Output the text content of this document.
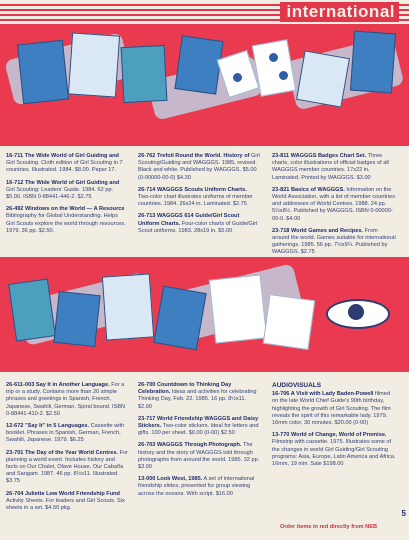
international
16-711 The Wide World of Girl Guiding and Girl Scouting. Cloth edition of Girl Scouting in 7 countries. Illustrated. 1984. $8.00. Paper 17.
16-712 The Wide World of Girl Guiding and Girl Scouting: Leaders' Guide. 1984. 62 pp. $5.00. ISBN 0-88441-446-2. $2.75
26-492 Windows on the World — A Resource Bibliography for Global Understanding. Helps Girl Scouts explore the world through resources. 1979. 36 pp. $2.50.
26-762 Trefoil Round the World. History of Girl Scouting/Guiding and WAGGGS. 1985, revised. Black and white. Published by WAGGGS. $5.00 (0-00000-00-0) $4.30
26-714 WAGGGS Scouts Uniform Charts. Two-color chart illustrates uniforms of member countries. 1984. 26x24 in. Laminated. $2.75
26-713 WAGGGS 614 Guide/Girl Scout Uniform Charts. Four-color charts of Guide/Girl Scout uniforms. 1983. 28x19 in. $5.00
23-811 WAGGGS Badges Chart Set. Three charts, color illustrations of official badges of all WAGGGS member countries. 17x22 in. Laminated. Printed by WAGGGS. $3.00
23-821 Basics of WAGGGS. Information on the World Association, with a list of member countries and addresses of World Centres. 1988. 24 pp. 5½x8½. Published by WAGGGS. ISBN 0-00000-00-0. $4.00
23-718 World Games and Recipes. From around the world. Games suitable for international gatherings. 1985. 56 pp. 7½x9¼. Published by WAGGGS. $2.75
26-611-003 Say It in Another Language. For a trip or a study. Contains more than 20 simple phrases and greetings in Spanish, French, Japanese, Swahili, German. Spiral bound. ISBN 0-88441-410-2. $2.50
12-672 "Say It" in 5 Languages. Cassette with booklet. Phrases in Spanish, German, French, Swahili, Japanese. 1979. $6.25
23-701 The Day of the Year World Centres. For planning a world event. Includes history and facts on Our Chalet, Olave House, Our Cabaña and Sangam. 1987. 46 pp. 8½x11. Illustrated. $3.75
26-704 Juliette Low World Friendship Fund Activity Sheets. For leaders and Girl Scouts. Six sheets in a set. $4.50 pkg.
26-700 Countdown to Thinking Day Celebration. Ideas and activities for celebrating Thinking Day, Feb. 22. 1985. 16 pp. 8½x11. $2.00
23-717 World Friendship WAGGGS and Daisy Stickers. Two-color stickers. Ideal for letters and gifts. 100 per sheet. $0.00 (0-00) $2.50
26-703 WAGGGS Through Photograph. The history and the story of WAGGGS told through photographs from around the world. 1985. 32 pp. $3.00
13-000 Look West, 1985. A set of international friendship slides, presented for group viewing across the oceans. With script. $16.00
AUDIOVISUALS
16-706 A Visit with Lady Baden-Powell filmed on the late World Chief Guide's 90th birthday, highlighting the growth of Girl Scouting. The film reveals the spirit of this remarkable lady. 1979. 16mm color, 30 minutes. $20.00 (0-00)
13-770 World of Change, World of Promise. Filmstrip with cassette. 1975. Illustrates some of the changes in world Girl Guiding/Girl Scouting programs: Asia, Europe, Latin America and Africa. 16mm, 19 min. Sale $198.00
Order items in red directly from NEB
5
